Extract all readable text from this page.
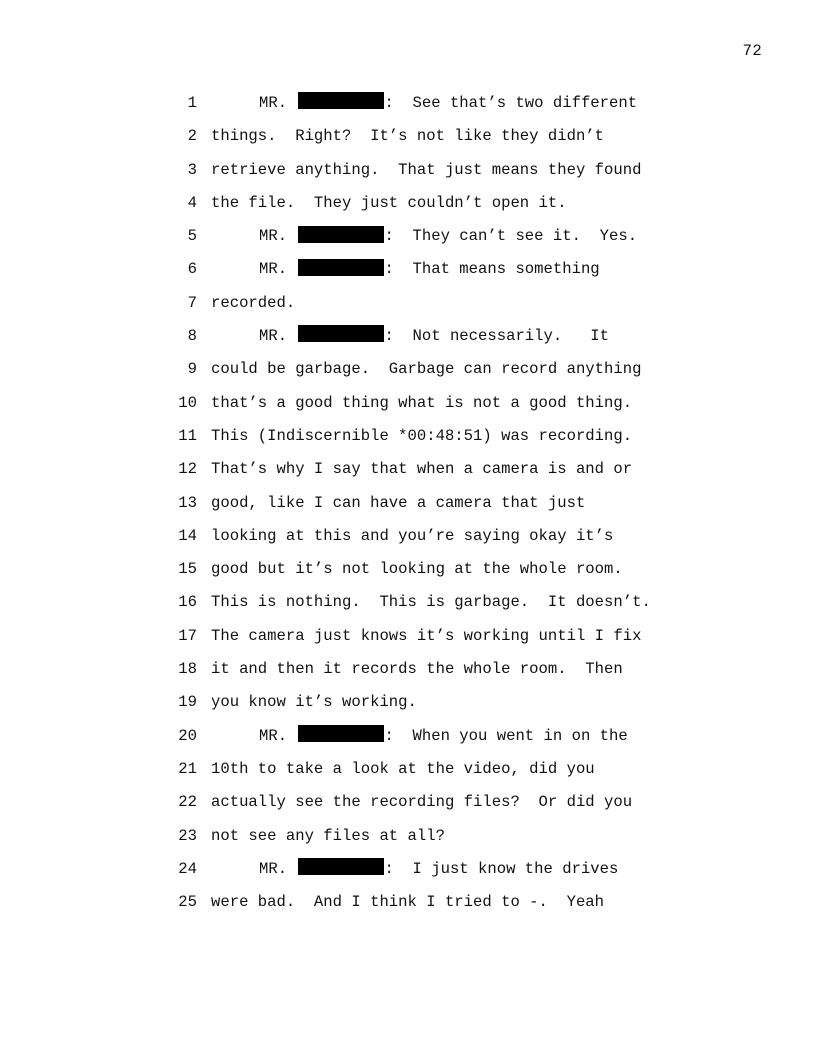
72
1	MR.	:  See that’s two different
2 things.  Right?  It’s not like they didn’t
3 retrieve anything.  That just means they found
4 the file.  They just couldn’t open it.
5	MR.	:  They can’t see it.  Yes.
6	MR.	:  That means something
7 recorded.
8	MR.	:  Not necessarily.   It
9 could be garbage.  Garbage can record anything
10 that’s a good thing what is not a good thing.
11 This (Indiscernible *00:48:51) was recording.
12 That’s why I say that when a camera is and or
13 good, like I can have a camera that just
14 looking at this and you’re saying okay it’s
15 good but it’s not looking at the whole room.
16 This is nothing.  This is garbage.  It doesn’t.
17 The camera just knows it’s working until I fix
18 it and then it records the whole room.  Then
19 you know it’s working.
20	MR.	:  When you went in on the
21 10th to take a look at the video, did you
22 actually see the recording files?  Or did you
23 not see any files at all?
24	MR.	:  I just know the drives
25 were bad.  And I think I tried to -.  Yeah
